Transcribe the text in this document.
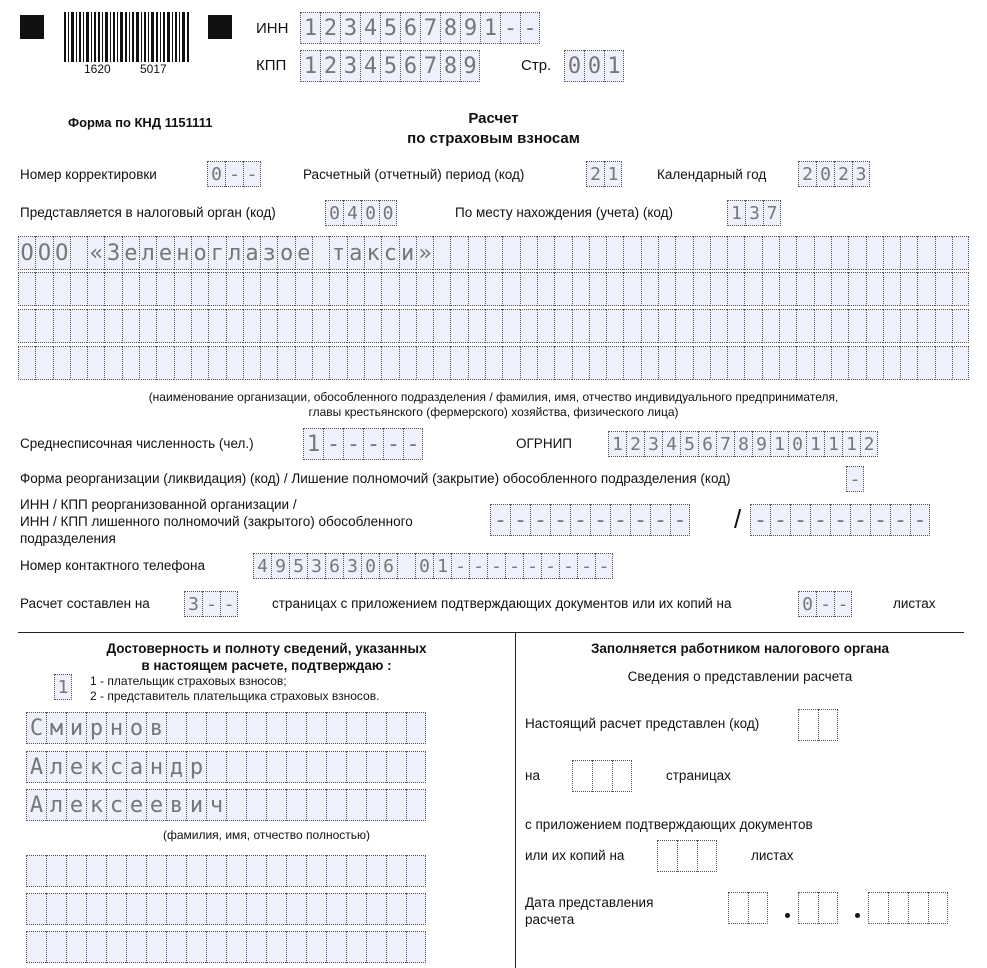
1620 5017
ИНН 1 2 3 4 5 6 7 8 9 1 - -
КПП 1 2 3 4 5 6 7 8 9	Стр. 0 0 1
Форма по КНД 1151111	Расчет
по страховым взносам
Номер корректировки	0 - -	Расчетный (отчетный) период (код)	2 1	Календарный год 2 0 2 3
Представляется в налоговый орган (код)	0 4 0 0	По месту нахождения (учета) (код)	1 3 7
О О О « З е л е н о г л а з о е т а к с и »
(наименование организации, обособленного подразделения / фамилия, имя, отчество индивидуального предпринимателя,
главы крестьянского (фермерского) хозяйства, физического лица)
Среднесписочная численность (чел.) 1 - - - - -	ОГРНИП 1 2 3 4 5 6 7 8 9 1 0 1 1 1 2
Форма реорганизации (ликвидация) (код) / Лишение полномочий (закрытие) обособленного подразделения (код)	-
ИНН / КПП реорганизованной организации /
ИНН / КПП лишенного полномочий (закрытого) обособленного
подразделения
- - - - - - - - - - / - - - - - - - - -
Номер контактного телефона	4 9 5 3 6 3 0 6 0 1 - - - - - - - - -
Расчет составлен на 3 - -	страницах с приложением подтверждающих документов или их копий на	0 - -	листах
Достоверность и полноту сведений, указанных
в настоящем расчете, подтверждаю :
1 1 - плательщик страховых взносов;
2 - представитель плательщика страховых взносов.
С м и р н о в
А л е к с а н д р
А л е к с е е в и ч
(фамилия, имя, отчество полностью)
Заполняется работником налогового органа
Сведения о представлении расчета
Настоящий расчет представлен (код)
на	страницах
с приложением подтверждающих документов
или их копий на	листах
Дата представления
расчета
